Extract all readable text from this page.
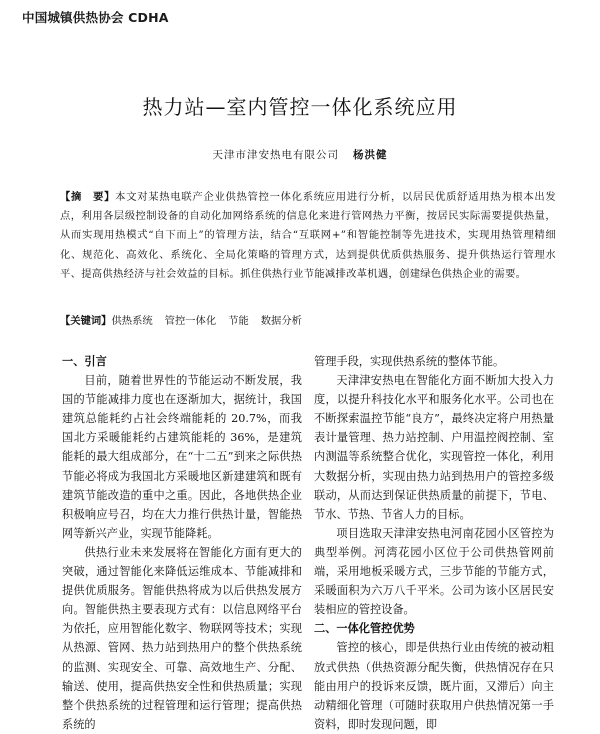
中国城镇供热协会 CDHA
热力站—室内管控一体化系统应用
天津市津安热电有限公司 杨洪健
【摘　要】本文对某热电联产企业供热管控一体化系统应用进行分析，以居民优质舒适用热为根本出发点，利用各层级控制设备的自动化加网络系统的信息化来进行管网热力平衡，按居民实际需要提供热量，从而实现用热模式“自下而上”的管理方法，结合“互联网+”和智能控制等先进技术，实现用热管理精细化、规范化、高效化、系统化、全局化策略的管理方式，达到提供优质供热服务、提升供热运行管理水平、提高供热经济与社会效益的目标。抓住供热行业节能减排改革机遇，创建绿色供热企业的需要。
【关键词】供热系统 管控一体化 节能 数据分析
一、引言

目前，随着世界性的节能运动不断发展，我国的节能减排力度也在逐渐加大，据统计，我国建筑总能耗约占社会终端能耗的 20.7%，而我国北方采暖能耗约占建筑能耗的 36%，是建筑能耗的最大组成部分，在“十二五”到来之际供热节能必将成为我国北方采暖地区新建建筑和既有建筑节能改造的重中之重。因此，各地供热企业积极响应号召，均在大力推行供热计量，智能热网等新兴产业，实现节能降耗。

供热行业未来发展将在智能化方面有更大的突破，通过智能化来降低运维成本、节能减排和提供优质服务。智能供热将成为以后供热发展方向。智能供热主要表现方式有：以信息网络平台为依托，应用智能化数字、物联网等技术；实现从热源、管网、热力站到热用户的整个供热系统的监测、实现安全、可靠、高效地生产、分配、输送、使用，提高供热安全性和供热质量；实现整个供热系统的过程管理和运行管理；提高供热系统的

管理手段，实现供热系统的整体节能。

天津津安热电在智能化方面不断加大投入力度，以提升科技化水平和服务化水平。公司也在不断探索温控节能“良方”，最终决定将户用热量表计量管理、热力站控制、户用温控阀控制、室内测温等系统整合优化，实现管控一体化，利用大数据分析，实现由热力站到热用户的管控多级联动，从而达到保证供热质量的前提下，节电、节水、节热、节省人力的目标。

项目选取天津津安热电河南花园小区管控为典型举例。河湾花园小区位于公司供热管网前端，采用地板采暖方式，三步节能的节能方式，采暖面积为六万八千平米。公司为该小区居民安装相应的管控设备。

二、一体化管控优势

管控的核心，即是供热行业由传统的被动粗放式供热（供热资源分配失衡，供热情况存在只能由用户的投诉来反馈，既片面，又滞后）向主动精细化管理（可随时获取用户供热情况第一手资料，即时发现问题，即
